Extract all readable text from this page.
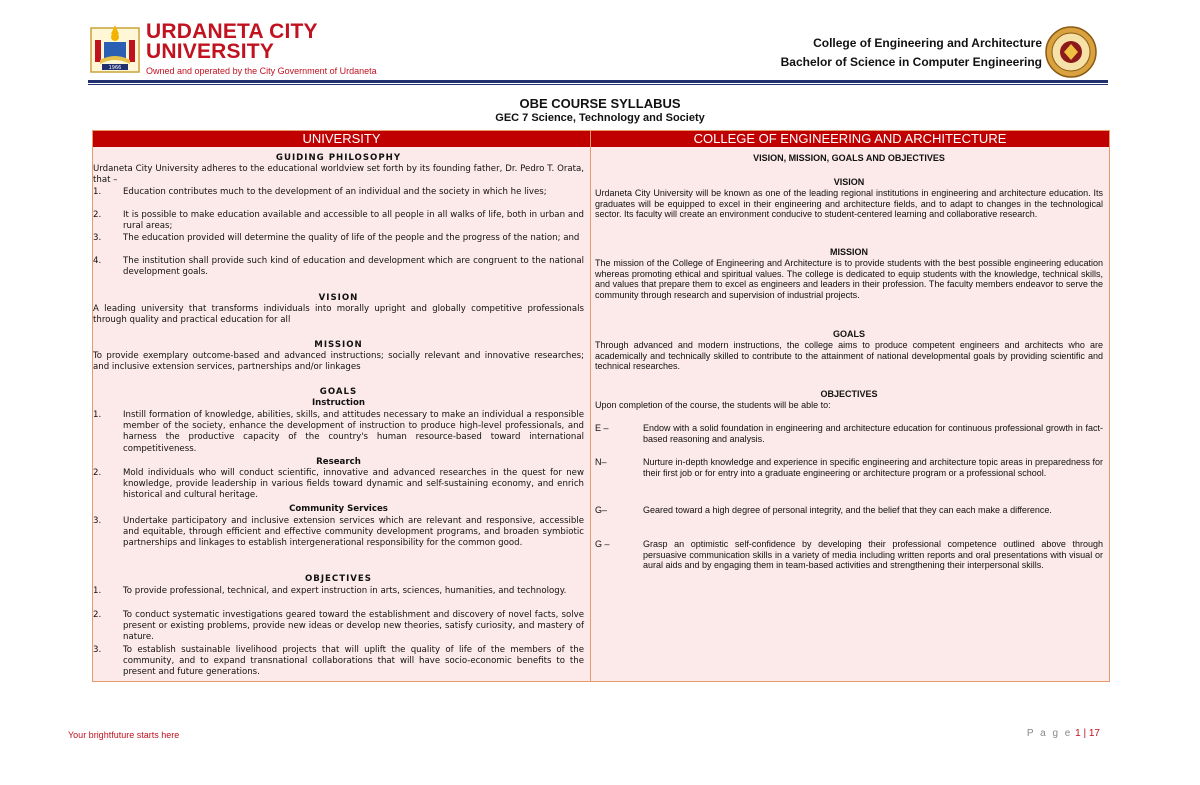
1966
URDANETA CITY
UNIVERSITY
Owned and operated by the City Government of Urdaneta
College of Engineering and Architecture
Bachelor of Science in Computer Engineering
OBE COURSE SYLLABUS
GEC 7 Science, Technology and Society
UNIVERSITY	COLLEGE OF ENGINEERING AND ARCHITECTURE
GUIDING PHILOSOPHY
Urdaneta City University adheres to the educational worldview set forth by its founding father, Dr. Pedro T. Orata, that –
1.	Education contributes much to the development of an individual and the society in which he lives;
2.	It is possible to make education available and accessible to all people in all walks of life, both in urban and rural areas;
3.	The education provided will determine the quality of life of the people and the progress of the nation; and
4.	The institution shall provide such kind of education and development which are congruent to the national development goals.
VISION
A leading university that transforms individuals into morally upright and globally competitive professionals through quality and practical education for all
MISSION
To provide exemplary outcome-based and advanced instructions; socially relevant and innovative researches; and inclusive extension services, partnerships and/or linkages
GOALS
Instruction
1.	Instill formation of knowledge, abilities, skills, and attitudes necessary to make an individual a responsible member of the society, enhance the development of instruction to produce high-level professionals, and harness the productive capacity of the country's human resource-based toward international competitiveness.
Research
2.	Mold individuals who will conduct scientific, innovative and advanced researches in the quest for new knowledge, provide leadership in various fields toward dynamic and self-sustaining economy, and enrich historical and cultural heritage.
Community Services
3.	Undertake participatory and inclusive extension services which are relevant and responsive, accessible and equitable, through efficient and effective community development programs, and broaden symbiotic partnerships and linkages to establish intergenerational responsibility for the common good.
OBJECTIVES
1.	To provide professional, technical, and expert instruction in arts, sciences, humanities, and technology.
2.	To conduct systematic investigations geared toward the establishment and discovery of novel facts, solve present or existing problems, provide new ideas or develop new theories, satisfy curiosity, and mastery of nature.
3.	To establish sustainable livelihood projects that will uplift the quality of life of the members of the community, and to expand transnational collaborations that will have socio-economic benefits to the present and future generations.
VISION, MISSION, GOALS AND OBJECTIVES
VISION
Urdaneta City University will be known as one of the leading regional institutions in engineering and architecture education. Its graduates will be equipped to excel in their engineering and architecture fields, and to adapt to changes in the technological sector. Its faculty will create an environment conducive to student-centered learning and collaborative research.
MISSION
The mission of the College of Engineering and Architecture is to provide students with the best possible engineering education whereas promoting ethical and spiritual values. The college is dedicated to equip students with the knowledge, technical skills, and values that prepare them to excel as engineers and leaders in their profession. The faculty members endeavor to serve the community through research and supervision of industrial projects.
GOALS
Through advanced and modern instructions, the college aims to produce competent engineers and architects who are academically and technically skilled to contribute to the attainment of national developmental goals by providing scientific and technical researches.
OBJECTIVES
Upon completion of the course, the students will be able to:
E –	Endow with a solid foundation in engineering and architecture education for continuous professional growth in fact-based reasoning and analysis.
N–	Nurture in-depth knowledge and experience in specific engineering and architecture topic areas in preparedness for their first job or for entry into a graduate engineering or architecture program or a professional school.
G–	Geared toward a high degree of personal integrity, and the belief that they can each make a difference.
G –	Grasp an optimistic self-confidence by developing their professional competence outlined above through persuasive communication skills in a variety of media including written reports and oral presentations with visual or aural aids and by engaging them in team-based activities and strengthening their interpersonal skills.
Your brightfuture starts here	P a g e 1 | 17
